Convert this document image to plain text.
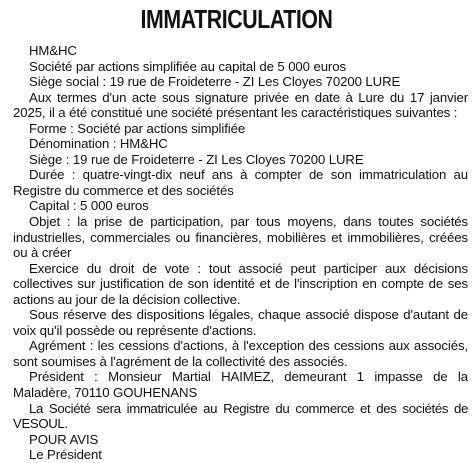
IMMATRICULATION

HM&HC

Société par actions simplifiée au capital de 5 000 euros

Siège social : 19 rue de Froideterre - ZI Les Cloyes 70200 LURE

Aux termes d'un acte sous signature privée en date à Lure du 17 janvier 2025, il a été constitué une société présentant les caractéristiques suivantes :

Forme : Société par actions simplifiée

Dénomination : HM&HC

Siège : 19 rue de Froideterre - ZI Les Cloyes 70200 LURE

Durée : quatre-vingt-dix neuf ans à compter de son immatriculation au Registre du commerce et des sociétés

Capital : 5 000 euros

Objet : la prise de participation, par tous moyens, dans toutes sociétés industrielles, commerciales ou financières, mobilières et immobilières, créées ou à créer

Exercice du droit de vote : tout associé peut participer aux décisions collectives sur justification de son identité et de l'inscription en compte de ses actions au jour de la décision collective.

Sous réserve des dispositions légales, chaque associé dispose d'autant de voix qu'il possède ou représente d'actions.

Agrément : les cessions d'actions, à l'exception des cessions aux associés, sont soumises à l'agrément de la collectivité des associés.

Président : Monsieur Martial HAIMEZ, demeurant 1 impasse de la Maladère, 70110 GOUHENANS

La Société sera immatriculée au Registre du commerce et des sociétés de VESOUL.

POUR AVIS

Le Président
